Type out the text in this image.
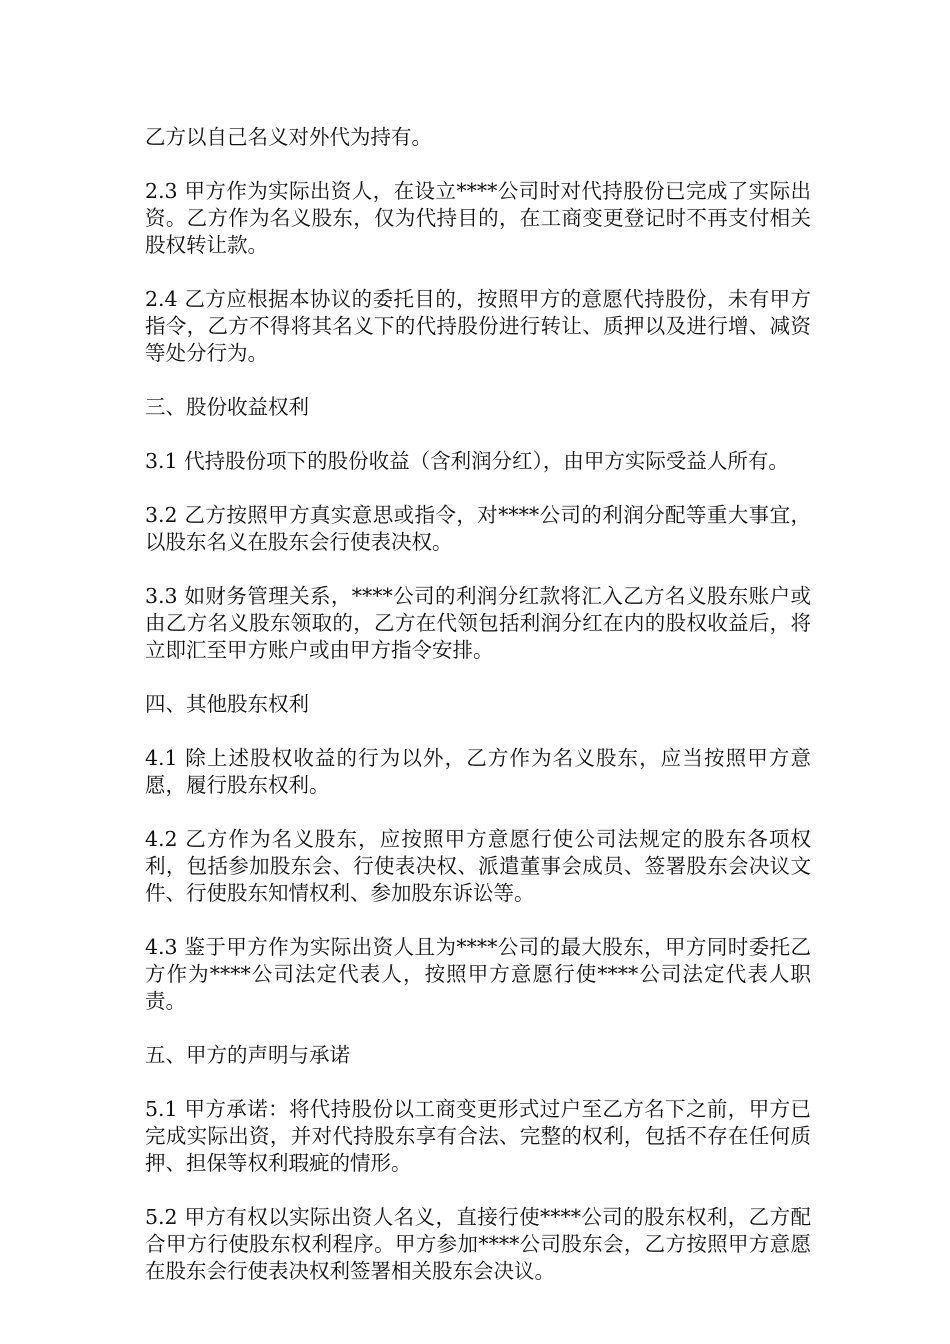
乙方以自己名义对外代为持有。

2.3 甲方作为实际出资人，在设立****公司时对代持股份已完成了实际出资。乙方作为名义股东，仅为代持目的，在工商变更登记时不再支付相关股权转让款。

2.4 乙方应根据本协议的委托目的，按照甲方的意愿代持股份，未有甲方指令，乙方不得将其名义下的代持股份进行转让、质押以及进行增、减资等处分行为。

三、股份收益权利

3.1 代持股份项下的股份收益（含利润分红），由甲方实际受益人所有。

3.2 乙方按照甲方真实意思或指令，对****公司的利润分配等重大事宜，以股东名义在股东会行使表决权。

3.3 如财务管理关系，****公司的利润分红款将汇入乙方名义股东账户或由乙方名义股东领取的，乙方在代领包括利润分红在内的股权收益后，将立即汇至甲方账户或由甲方指令安排。

四、其他股东权利

4.1 除上述股权收益的行为以外，乙方作为名义股东，应当按照甲方意愿，履行股东权利。

4.2 乙方作为名义股东，应按照甲方意愿行使公司法规定的股东各项权利，包括参加股东会、行使表决权、派遣董事会成员、签署股东会决议文件、行使股东知情权利、参加股东诉讼等。

4.3 鉴于甲方作为实际出资人且为****公司的最大股东，甲方同时委托乙方作为****公司法定代表人，按照甲方意愿行使****公司法定代表人职责。

五、甲方的声明与承诺

5.1 甲方承诺：将代持股份以工商变更形式过户至乙方名下之前，甲方已完成实际出资，并对代持股东享有合法、完整的权利，包括不存在任何质押、担保等权利瑕疵的情形。

5.2 甲方有权以实际出资人名义，直接行使****公司的股东权利，乙方配合甲方行使股东权利程序。甲方参加****公司股东会，乙方按照甲方意愿在股东会行使表决权利签署相关股东会决议。
